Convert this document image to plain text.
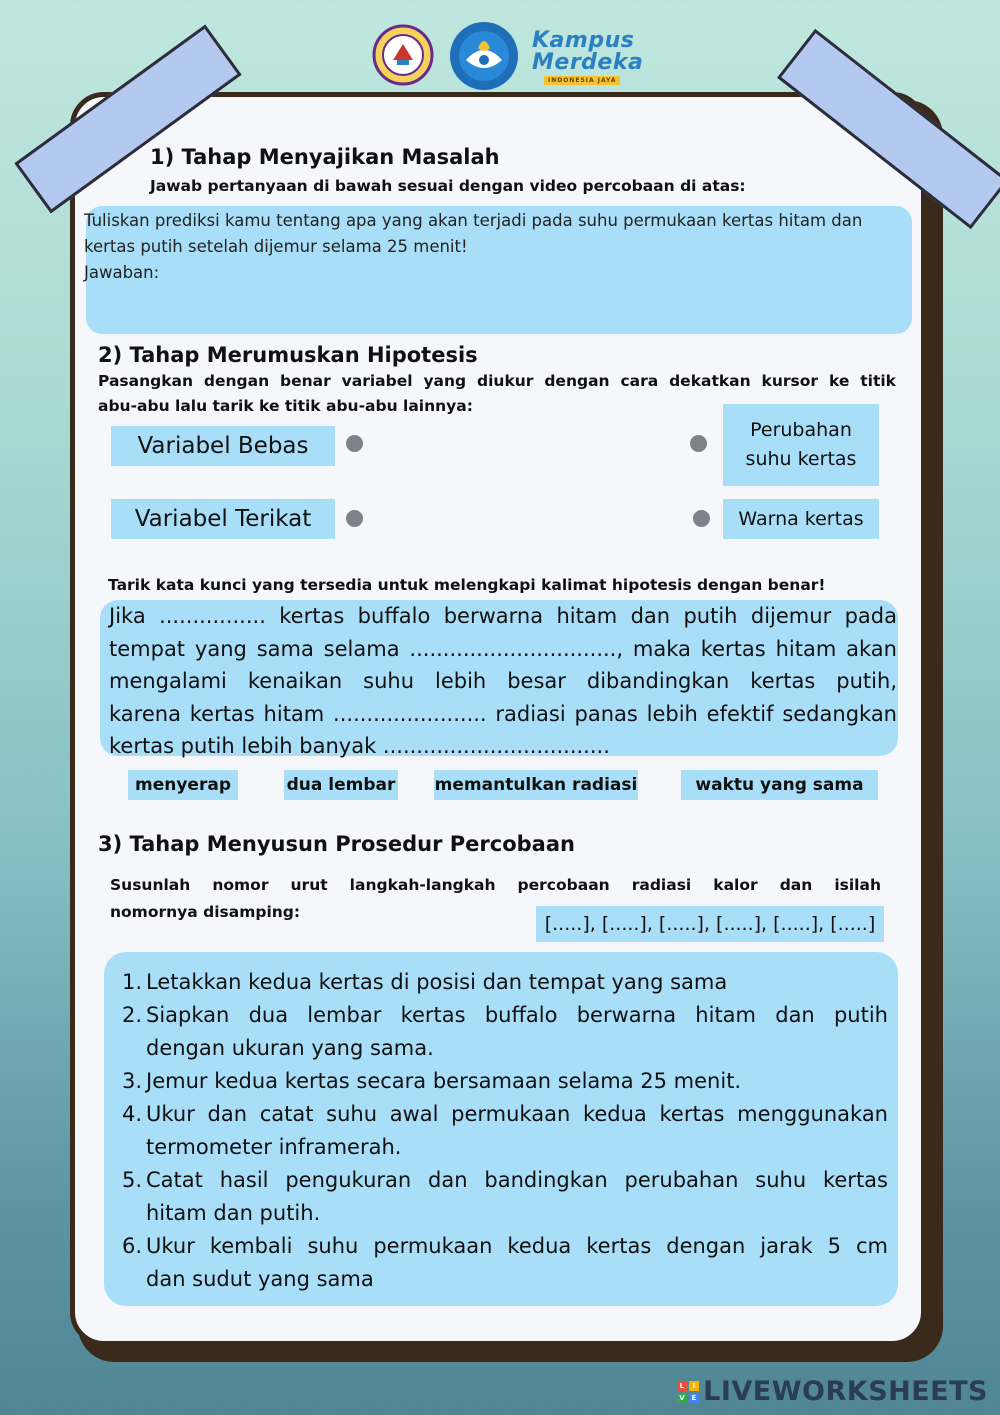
Kampus
Merdeka
INDONESIA JAYA
1) Tahap Menyajikan Masalah
Jawab pertanyaan di bawah sesuai dengan video percobaan di atas:
Tuliskan prediksi kamu tentang apa yang akan terjadi pada suhu permukaan kertas hitam dan
kertas putih setelah dijemur selama 25 menit!
Jawaban:
2) Tahap Merumuskan Hipotesis
Pasangkan dengan benar variabel yang diukur dengan cara dekatkan kursor ke titik
abu-abu lalu tarik ke titik abu-abu lainnya:
Variabel Bebas
Variabel Terikat
Perubahan
suhu kertas
Warna kertas
Tarik kata kunci yang tersedia untuk melengkapi kalimat hipotesis dengan benar!
Jika ................ kertas buffalo berwarna hitam dan putih dijemur pada
tempat yang sama selama ..............................., maka kertas hitam akan
mengalami kenaikan suhu lebih besar dibandingkan kertas putih,
karena kertas hitam ....................... radiasi panas lebih efektif sedangkan
kertas putih lebih banyak ..................................
menyerap	dua lembar memantulkan radiasi	waktu yang sama
3) Tahap Menyusun Prosedur Percobaan
Susunlah nomor urut langkah-langkah percobaan radiasi kalor dan isilah
nomornya disamping:
[.....], [.....], [.....], [.....], [.....], [.....]
1. Letakkan kedua kertas di posisi dan tempat yang sama
2. Siapkan dua lembar kertas buffalo berwarna hitam dan putih
dengan ukuran yang sama.
3. Jemur kedua kertas secara bersamaan selama 25 menit.
4. Ukur dan catat suhu awal permukaan kedua kertas menggunakan
termometer inframerah.
5. Catat hasil pengukuran dan bandingkan perubahan suhu kertas
hitam dan putih.
6. Ukur kembali suhu permukaan kedua kertas dengan jarak 5 cm
dan sudut yang sama
L	I
V E LIVEWORKSHEETS
